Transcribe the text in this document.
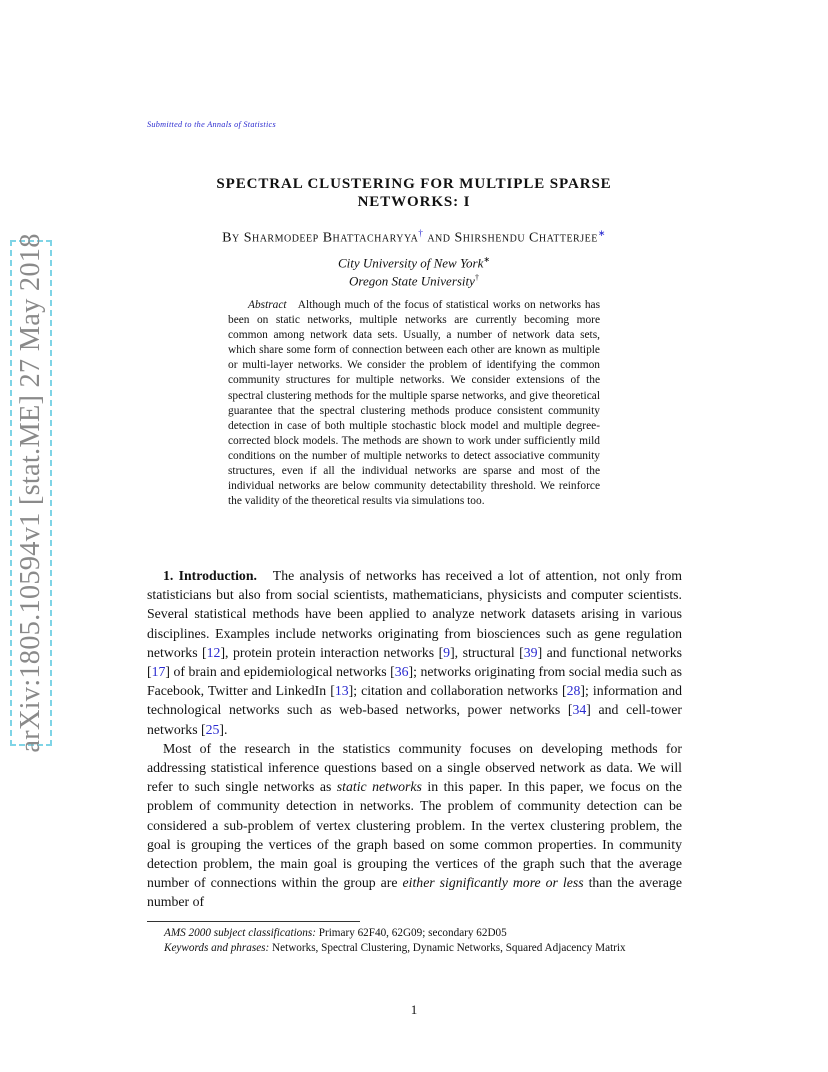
arXiv:1805.10594v1 [stat.ME] 27 May 2018
Submitted to the Annals of Statistics
SPECTRAL CLUSTERING FOR MULTIPLE SPARSE
NETWORKS: I
By Sharmodeep Bhattacharyya† and Shirshendu Chatterjee∗
City University of New York∗
Oregon State University†
Abstract Although much of the focus of statistical works on networks has been on static networks, multiple networks are currently becoming more common among network data sets. Usually, a number of network data sets, which share some form of connection between each other are known as multiple or multi-layer networks. We consider the problem of identifying the common community structures for multiple networks. We consider extensions of the spectral clustering methods for the multiple sparse networks, and give theoretical guarantee that the spectral clustering methods produce consistent community detection in case of both multiple stochastic block model and multiple degree-corrected block models. The methods are shown to work under sufficiently mild conditions on the number of multiple networks to detect associative community structures, even if all the individual networks are sparse and most of the individual networks are below community detectability threshold. We reinforce the validity of the theoretical results via simulations too.

1. Introduction. The analysis of networks has received a lot of attention, not only from statisticians but also from social scientists, mathematicians, physicists and computer scientists. Several statistical methods have been applied to analyze network datasets arising in various disciplines. Examples include networks originating from biosciences such as gene regulation networks [12], protein protein interaction networks [9], structural [39] and functional networks [17] of brain and epidemiological networks [36]; networks originating from social media such as Facebook, Twitter and LinkedIn [13]; citation and collaboration networks [28]; information and technological networks such as web-based networks, power networks [34] and cell-tower networks [25].

Most of the research in the statistics community focuses on developing methods for addressing statistical inference questions based on a single observed network as data. We will refer to such single networks as static networks in this paper. In this paper, we focus on the problem of community detection in networks. The problem of community detection can be considered a sub-problem of vertex clustering problem. In the vertex clustering problem, the goal is grouping the vertices of the graph based on some common properties. In community detection problem, the main goal is grouping the vertices of the graph such that the average number of connections within the group are either significantly more or less than the average number of

AMS 2000 subject classifications: Primary 62F40, 62G09; secondary 62D05

Keywords and phrases: Networks, Spectral Clustering, Dynamic Networks, Squared Adjacency Matrix

1
